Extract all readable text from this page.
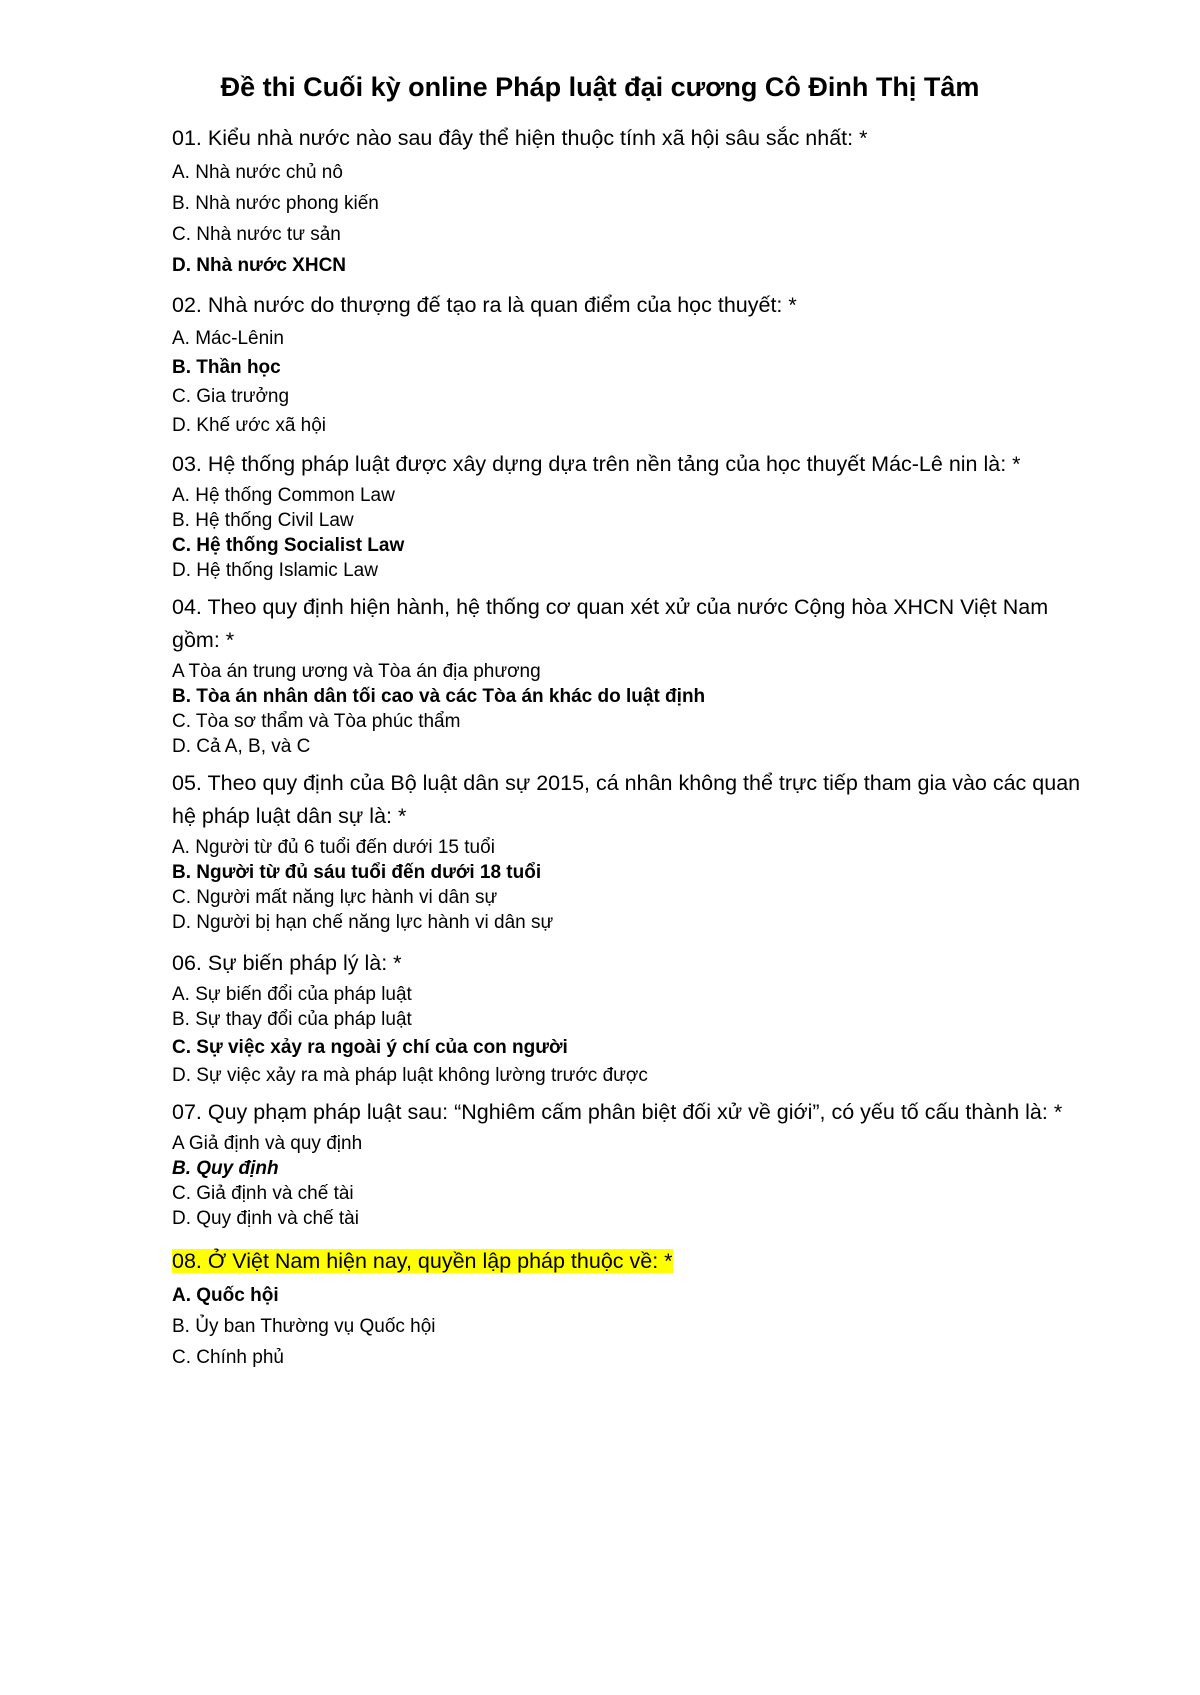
Đề thi Cuối kỳ online Pháp luật đại cương Cô Đinh Thị Tâm

01. Kiểu nhà nước nào sau đây thể hiện thuộc tính xã hội sâu sắc nhất: *

A. Nhà nước chủ nô
B. Nhà nước phong kiến
C. Nhà nước tư sản
D. Nhà nước XHCN

02. Nhà nước do thượng đế tạo ra là quan điểm của học thuyết: *

A. Mác-Lênin
B. Thần học
C. Gia trưởng
D. Khế ước xã hội

03. Hệ thống pháp luật được xây dựng dựa trên nền tảng của học thuyết Mác-Lê nin là: *

A. Hệ thống Common Law
B. Hệ thống Civil Law
C. Hệ thống Socialist Law
D. Hệ thống Islamic Law

04. Theo quy định hiện hành, hệ thống cơ quan xét xử của nước Cộng hòa XHCN Việt Nam gồm: *

A Tòa án trung ương và Tòa án địa phương
B. Tòa án nhân dân tối cao và các Tòa án khác do luật định
C. Tòa sơ thẩm và Tòa phúc thẩm
D. Cả A, B, và C

05. Theo quy định của Bộ luật dân sự 2015, cá nhân không thể trực tiếp tham gia vào các quan hệ pháp luật dân sự là: *

A. Người từ đủ 6 tuổi đến dưới 15 tuổi
B. Người từ đủ sáu tuổi đến dưới 18 tuổi
C. Người mất năng lực hành vi dân sự
D. Người bị hạn chế năng lực hành vi dân sự

06. Sự biến pháp lý là: *

A. Sự biến đổi của pháp luật
B. Sự thay đổi của pháp luật
C. Sự việc xảy ra ngoài ý chí của con người
D. Sự việc xảy ra mà pháp luật không lường trước được

07. Quy phạm pháp luật sau: “Nghiêm cấm phân biệt đối xử về giới”, có yếu tố cấu thành là: *

A Giả định và quy định
B. Quy định
C. Giả định và chế tài
D. Quy định và chế tài

08. Ở Việt Nam hiện nay, quyền lập pháp thuộc về: *

A. Quốc hội
B. Ủy ban Thường vụ Quốc hội
C. Chính phủ
